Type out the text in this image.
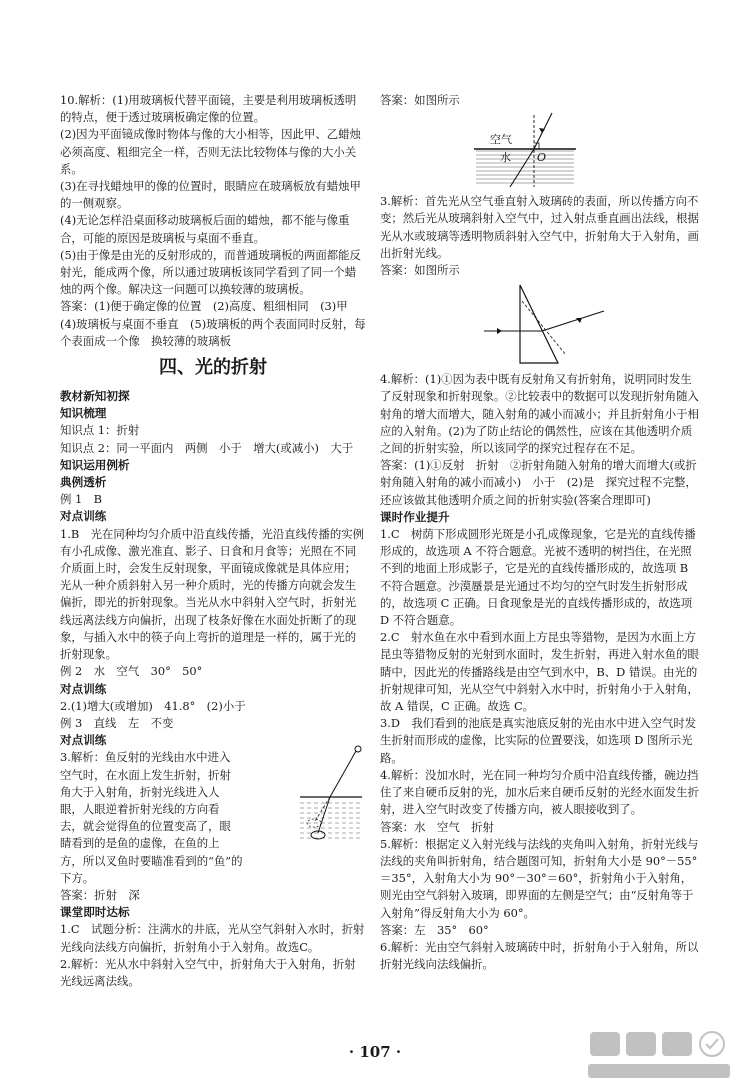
10.解析：(1)用玻璃板代替平面镜，主要是利用玻璃板透明的特点，便于透过玻璃板确定像的位置。

(2)因为平面镜成像时物体与像的大小相等，因此甲、乙蜡烛必须高度、粗细完全一样，否则无法比较物体与像的大小关系。

(3)在寻找蜡烛甲的像的位置时，眼睛应在玻璃板放有蜡烛甲的一侧观察。

(4)无论怎样沿桌面移动玻璃板后面的蜡烛，都不能与像重合，可能的原因是玻璃板与桌面不垂直。

(5)由于像是由光的反射形成的，而普通玻璃板的两面都能反射光，能成两个像，所以通过玻璃板该同学看到了同一个蜡烛的两个像。解决这一问题可以换较薄的玻璃板。

答案：(1)便于确定像的位置　(2)高度、粗细相同　(3)甲　(4)玻璃板与桌面不垂直　(5)玻璃板的两个表面同时反射，每个表面成一个像　换较薄的玻璃板

四、光的折射
教材新知初探
知识梳理

知识点 1：折射

知识点 2：同一平面内　两侧　小于　增大(或减小)　大于

知识运用例析
典例透析

例 1　B

对点训练

1.B　光在同种均匀介质中沿直线传播，光沿直线传播的实例有小孔成像、激光准直、影子、日食和月食等；光照在不同介质面上时，会发生反射现象，平面镜成像就是具体应用；光从一种介质斜射入另一种介质时，光的传播方向就会发生偏折，即光的折射现象。当光从水中斜射入空气时，折射光线远离法线方向偏折，出现了枝条好像在水面处折断了的现象，与插入水中的筷子向上弯折的道理是一样的，属于光的折射现象。

例 2　水　空气　30°　50°

对点训练

2.(1)增大(或增加)　41.8°　(2)小于

例 3　直线　左　不变

对点训练
3.解析：鱼反射的光线由水中进入
空气时，在水面上发生折射，折射
角大于入射角，折射光线进入人
眼，人眼逆着折射光线的方向看
去，就会觉得鱼的位置变高了，眼
睛看到的是鱼的虚像，在鱼的上
方，所以叉鱼时要瞄准看到的“鱼”的
下方。

答案：折射　深

课堂即时达标

1.C　试题分析：注满水的井底，光从空气斜射入水时，折射光线向法线方向偏折，折射角小于入射角。故选C。

2.解析：光从水中斜射入空气中，折射角大于入射角，折射光线远离法线。

答案：如图所示

空气
水 O

3.解析：首先光从空气垂直射入玻璃砖的表面，所以传播方向不变；然后光从玻璃斜射入空气中，过入射点垂直画出法线，根据光从水或玻璃等透明物质斜射入空气中，折射角大于入射角，画出折射光线。

答案：如图所示

4.解析：(1)①因为表中既有反射角又有折射角，说明同时发生了反射现象和折射现象。②比较表中的数据可以发现折射角随入射角的增大而增大，随入射角的减小而减小；并且折射角小于相应的入射角。(2)为了防止结论的偶然性，应该在其他透明介质之间的折射实验，所以该同学的探究过程存在不足。

答案：(1)①反射　折射　②折射角随入射角的增大而增大(或折射角随入射角的减小而减小)　小于　(2)是　探究过程不完整，还应该做其他透明介质之间的折射实验(答案合理即可)

课时作业提升

1.C　树荫下形成圆形光斑是小孔成像现象，它是光的直线传播形成的，故选项 A 不符合题意。光被不透明的树挡住，在光照不到的地面上形成影子，它是光的直线传播形成的，故选项 B 不符合题意。沙漠蜃景是光通过不均匀的空气时发生折射形成的，故选项 C 正确。日食现象是光的直线传播形成的，故选项 D 不符合题意。

2.C　射水鱼在水中看到水面上方昆虫等猎物，是因为水面上方昆虫等猎物反射的光射到水面时，发生折射，再进入射水鱼的眼睛中，因此光的传播路线是由空气到水中，B、D 错误。由光的折射规律可知，光从空气中斜射入水中时，折射角小于入射角，故 A 错误，C 正确。故选 C。

3.D　我们看到的池底是真实池底反射的光由水中进入空气时发生折射而形成的虚像，比实际的位置要浅，如选项 D 图所示光路。

4.解析：没加水时，光在同一种均匀介质中沿直线传播，碗边挡住了来自硬币反射的光，加水后来自硬币反射的光经水面发生折射，进入空气时改变了传播方向，被人眼接收到了。

答案：水　空气　折射

5.解析：根据定义入射光线与法线的夹角叫入射角，折射光线与法线的夹角叫折射角，结合题图可知，折射角大小是 90°－55°＝35°，入射角大小为 90°－30°＝60°，折射角小于入射角，则光由空气斜射入玻璃，即界面的左侧是空气；由“反射角等于入射角”得反射角大小为 60°。

答案：左　35°　60°

6.解析：光由空气斜射入玻璃砖中时，折射角小于入射角，所以折射光线向法线偏折。

· 107 ·
